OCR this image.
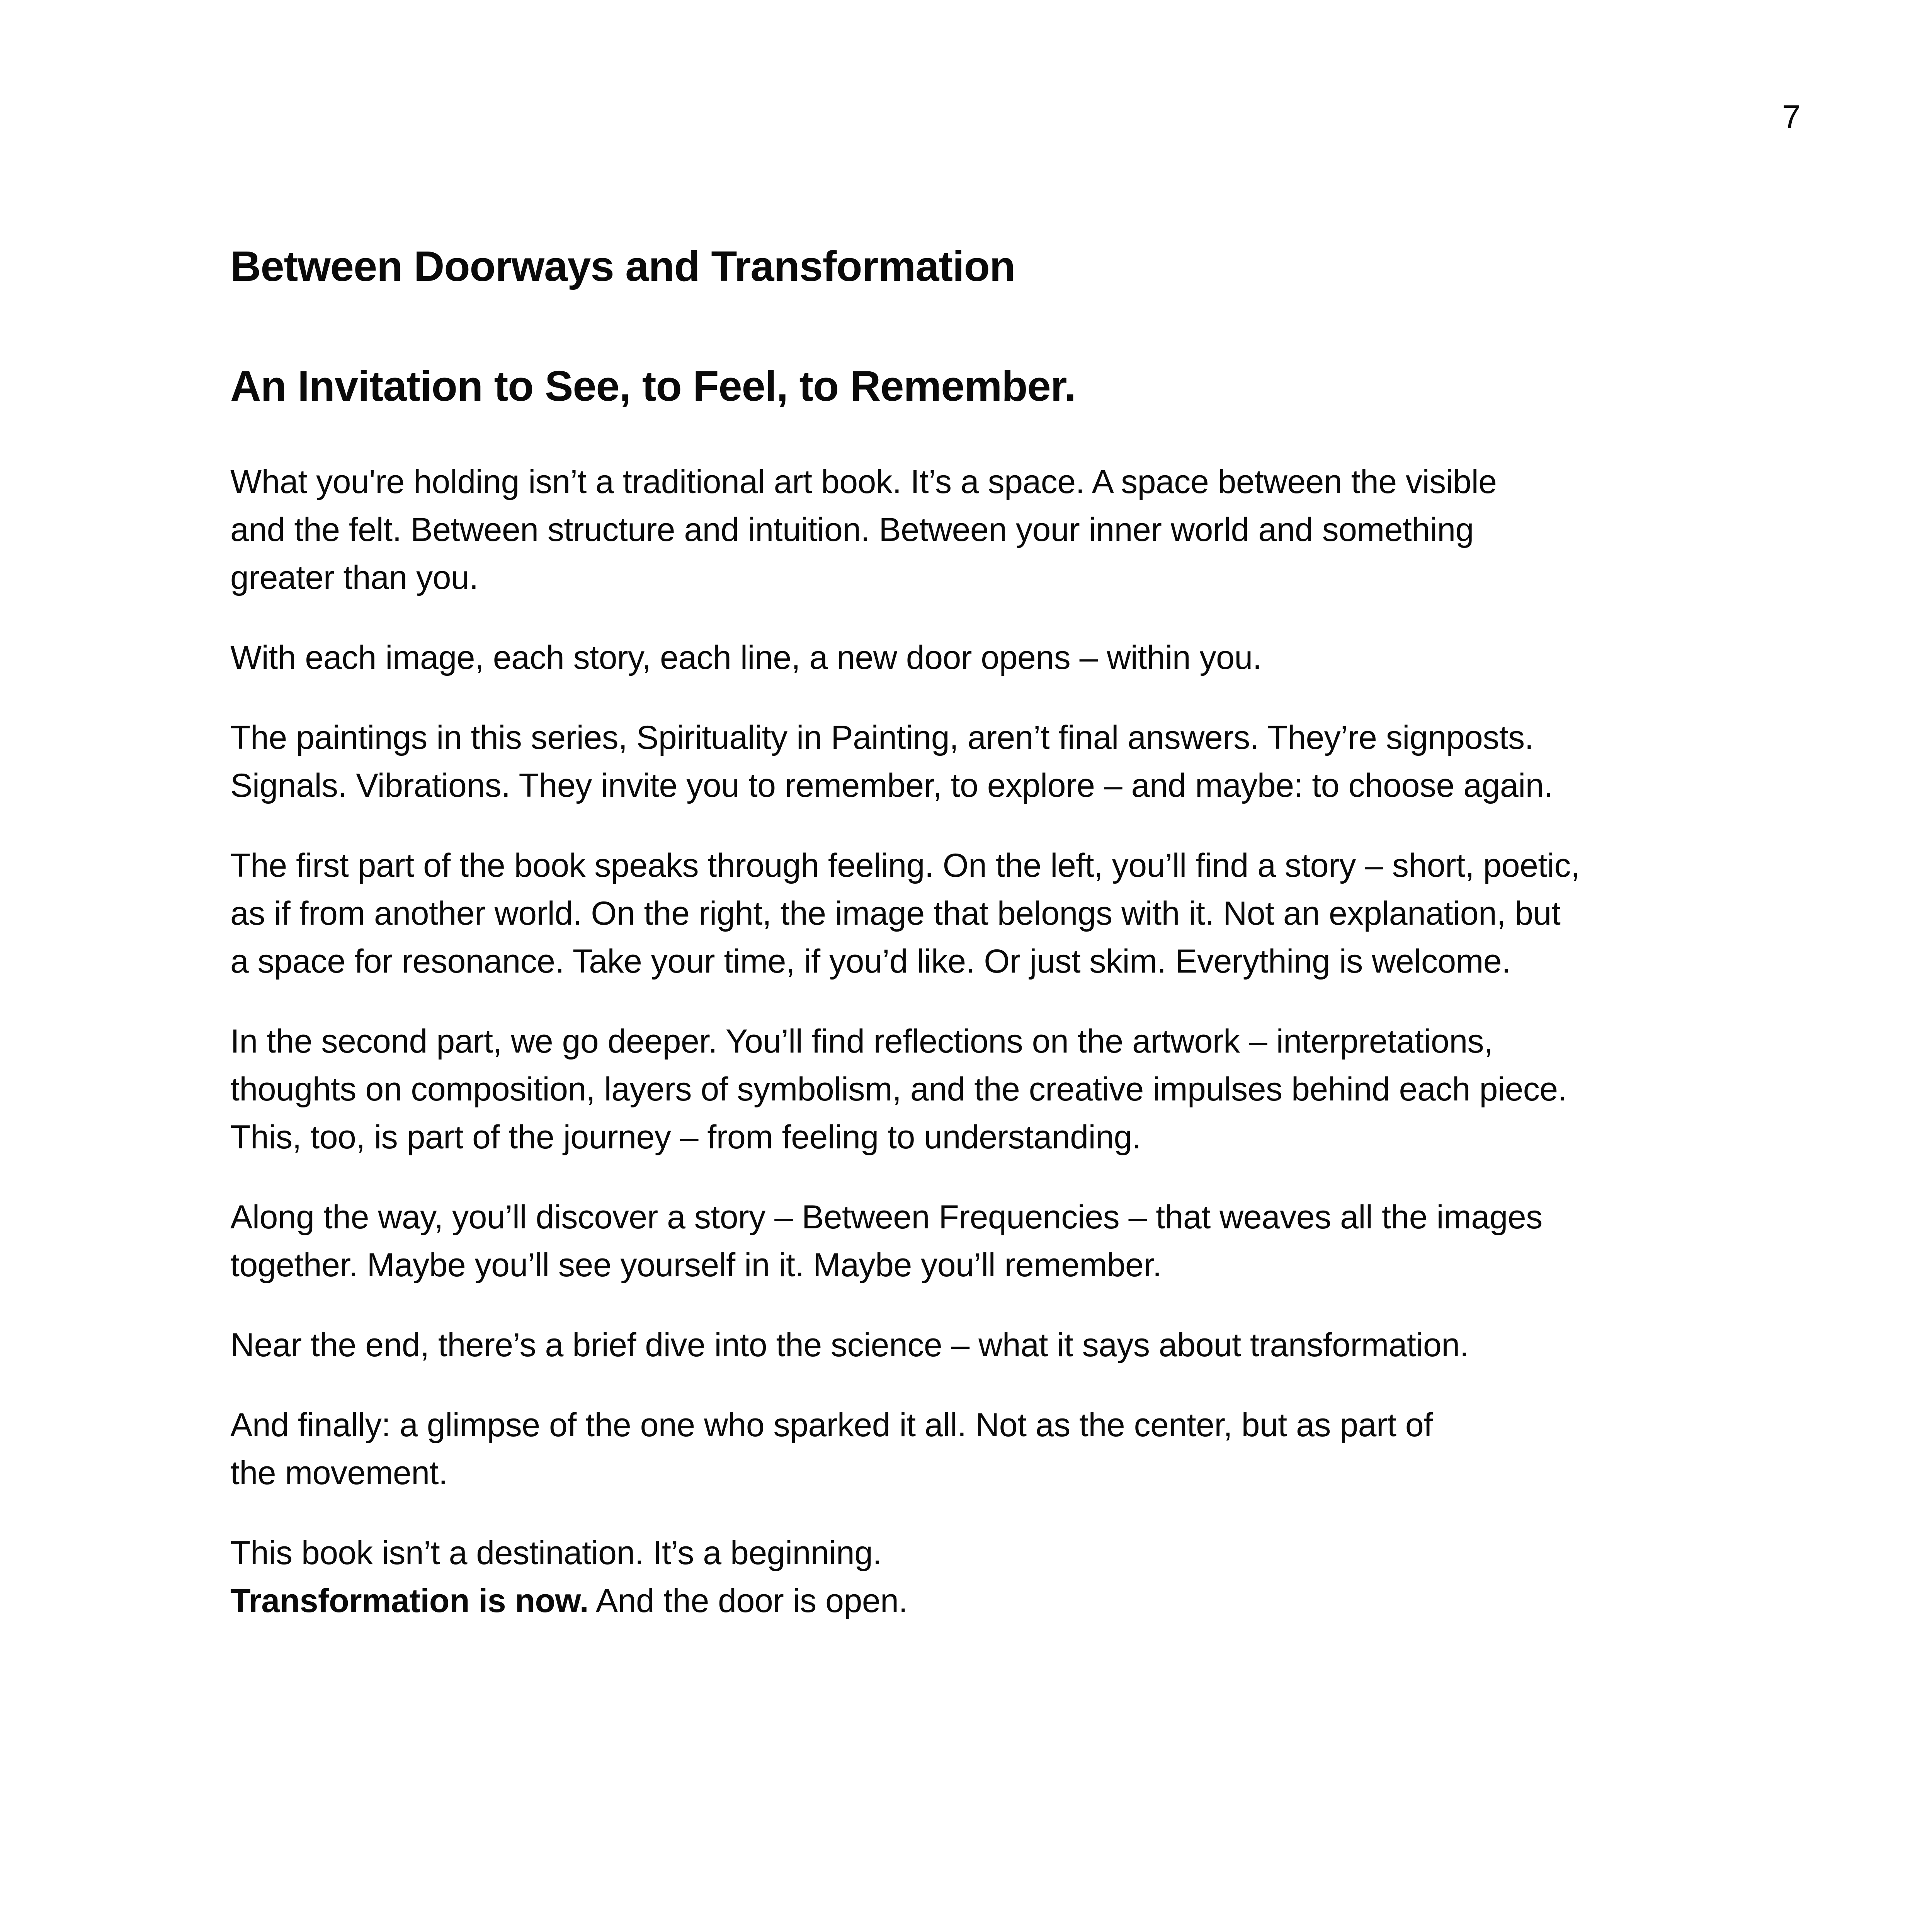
7
Between Doorways and Transformation
An Invitation to See, to Feel, to Remember.

What you're holding isn’t a traditional art book. It’s a space. A space between the visible
and the felt. Between structure and intuition. Between your inner world and something
greater than you.

With each image, each story, each line, a new door opens – within you.

The paintings in this series, Spirituality in Painting, aren’t final answers. They’re signposts.
Signals. Vibrations. They invite you to remember, to explore – and maybe: to choose again.

The first part of the book speaks through feeling. On the left, you’ll find a story – short, poetic,
as if from another world. On the right, the image that belongs with it. Not an explanation, but
a space for resonance. Take your time, if you’d like. Or just skim. Everything is welcome.

In the second part, we go deeper. You’ll find reflections on the artwork – interpretations,
thoughts on composition, layers of symbolism, and the creative impulses behind each piece.
This, too, is part of the journey – from feeling to understanding.

Along the way, you’ll discover a story – Between Frequencies – that weaves all the images
together. Maybe you’ll see yourself in it. Maybe you’ll remember.

Near the end, there’s a brief dive into the science – what it says about transformation.

And finally: a glimpse of the one who sparked it all. Not as the center, but as part of
the movement.

This book isn’t a destination. It’s a beginning.
Transformation is now. And the door is open.
